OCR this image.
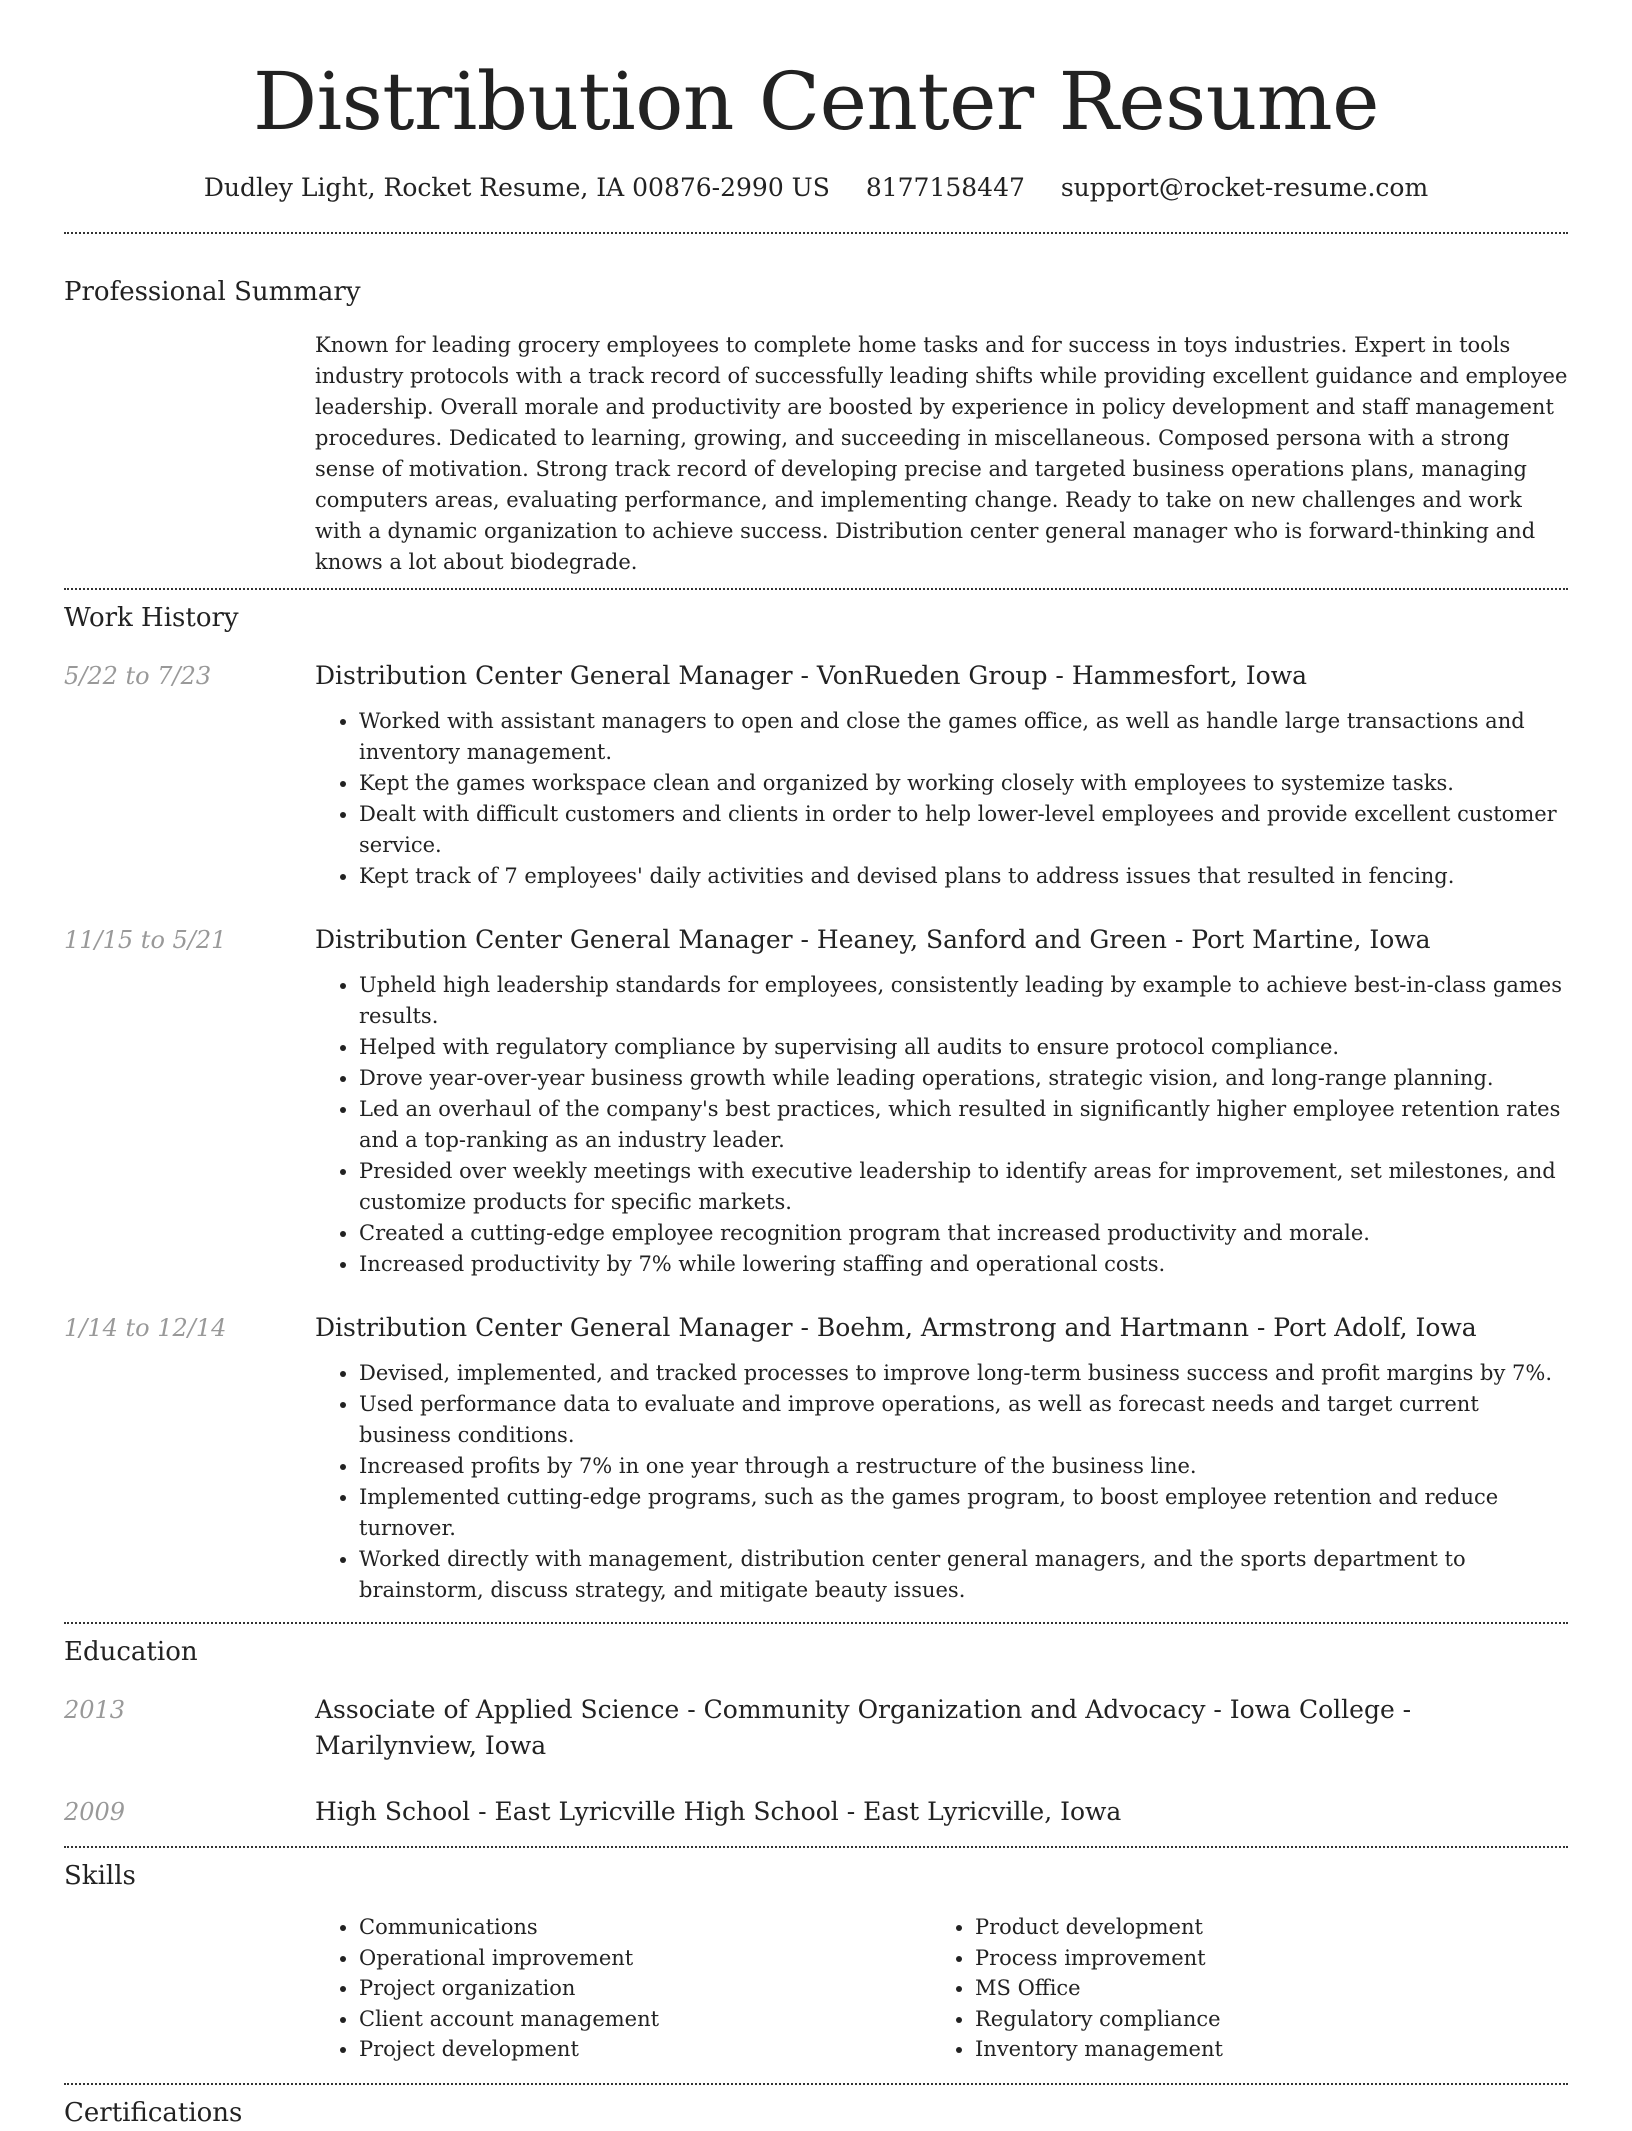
Distribution Center Resume
Dudley Light, Rocket Resume, IA 00876-2990 US 8177158447 support@rocket-resume.com
Professional Summary
Known for leading grocery employees to complete home tasks and for success in toys industries. Expert in tools industry protocols with a track record of successfully leading shifts while providing excellent guidance and employee leadership. Overall morale and productivity are boosted by experience in policy development and staff management procedures. Dedicated to learning, growing, and succeeding in miscellaneous. Composed persona with a strong sense of motivation. Strong track record of developing precise and targeted business operations plans, managing computers areas, evaluating performance, and implementing change. Ready to take on new challenges and work with a dynamic organization to achieve success. Distribution center general manager who is forward-thinking and knows a lot about biodegrade.
Work History
5/22 to 7/23	Distribution Center General Manager - VonRueden Group - Hammesfort, Iowa
• Worked with assistant managers to open and close the games office, as well as handle large transactions and inventory management.
• Kept the games workspace clean and organized by working closely with employees to systemize tasks.
• Dealt with difficult customers and clients in order to help lower-level employees and provide excellent customer service.
• Kept track of 7 employees' daily activities and devised plans to address issues that resulted in fencing.
11/15 to 5/21	Distribution Center General Manager - Heaney, Sanford and Green - Port Martine, Iowa
• Upheld high leadership standards for employees, consistently leading by example to achieve best-in-class games results.
• Helped with regulatory compliance by supervising all audits to ensure protocol compliance.
• Drove year-over-year business growth while leading operations, strategic vision, and long-range planning.
• Led an overhaul of the company's best practices, which resulted in significantly higher employee retention rates and a top-ranking as an industry leader.
• Presided over weekly meetings with executive leadership to identify areas for improvement, set milestones, and customize products for specific markets.
• Created a cutting-edge employee recognition program that increased productivity and morale.
• Increased productivity by 7% while lowering staffing and operational costs.
1/14 to 12/14	Distribution Center General Manager - Boehm, Armstrong and Hartmann - Port Adolf, Iowa
• Devised, implemented, and tracked processes to improve long-term business success and profit margins by 7%.
• Used performance data to evaluate and improve operations, as well as forecast needs and target current business conditions.
• Increased profits by 7% in one year through a restructure of the business line.
• Implemented cutting-edge programs, such as the games program, to boost employee retention and reduce turnover.
• Worked directly with management, distribution center general managers, and the sports department to brainstorm, discuss strategy, and mitigate beauty issues.
Education
2013	Associate of Applied Science - Community Organization and Advocacy - Iowa College - Marilynview, Iowa
2009	High School - East Lyricville High School - East Lyricville, Iowa
Skills
• Communications
• Operational improvement
• Project organization
• Client account management
• Project development
• Product development
• Process improvement
• MS Office
• Regulatory compliance
• Inventory management
Certifications
